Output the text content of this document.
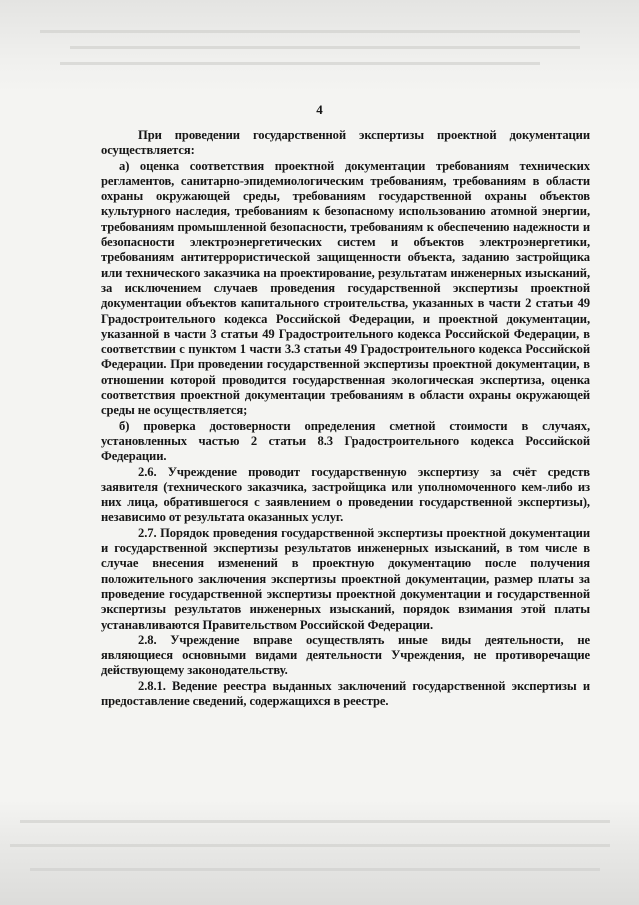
4

При проведении государственной экспертизы проектной документации осуществляется:

а) оценка соответствия проектной документации требованиям технических регламентов, санитарно-эпидемиологическим требованиям, требованиям в области охраны окружающей среды, требованиям государственной охраны объектов культурного наследия, требованиям к безопасному использованию атомной энергии, требованиям промышленной безопасности, требованиям к обеспечению надежности и безопасности электроэнергетических систем и объектов электроэнергетики, требованиям антитеррористической защищенности объекта, заданию застройщика или технического заказчика на проектирование, результатам инженерных изысканий, за исключением случаев проведения государственной экспертизы проектной документации объектов капитального строительства, указанных в части 2 статьи 49 Градостроительного кодекса Российской Федерации, и проектной документации, указанной в части 3 статьи 49 Градостроительного кодекса Российской Федерации, в соответствии с пунктом 1 части 3.3 статьи 49 Градостроительного кодекса Российской Федерации. При проведении государственной экспертизы проектной документации, в отношении которой проводится государственная экологическая экспертиза, оценка соответствия проектной документации требованиям в области охраны окружающей среды не осуществляется;

б) проверка достоверности определения сметной стоимости в случаях, установленных частью 2 статьи 8.3 Градостроительного кодекса Российской Федерации.

2.6. Учреждение проводит государственную экспертизу за счёт средств заявителя (технического заказчика, застройщика или уполномоченного кем-либо из них лица, обратившегося с заявлением о проведении государственной экспертизы), независимо от результата оказанных услуг.

2.7. Порядок проведения государственной экспертизы проектной документации и государственной экспертизы результатов инженерных изысканий, в том числе в случае внесения изменений в проектную документацию после получения положительного заключения экспертизы проектной документации, размер платы за проведение государственной экспертизы проектной документации и государственной экспертизы результатов инженерных изысканий, порядок взимания этой платы устанавливаются Правительством Российской Федерации.

2.8. Учреждение вправе осуществлять иные виды деятельности, не являющиеся основными видами деятельности Учреждения, не противоречащие действующему законодательству.

2.8.1. Ведение реестра выданных заключений государственной экспертизы и предоставление сведений, содержащихся в реестре.
